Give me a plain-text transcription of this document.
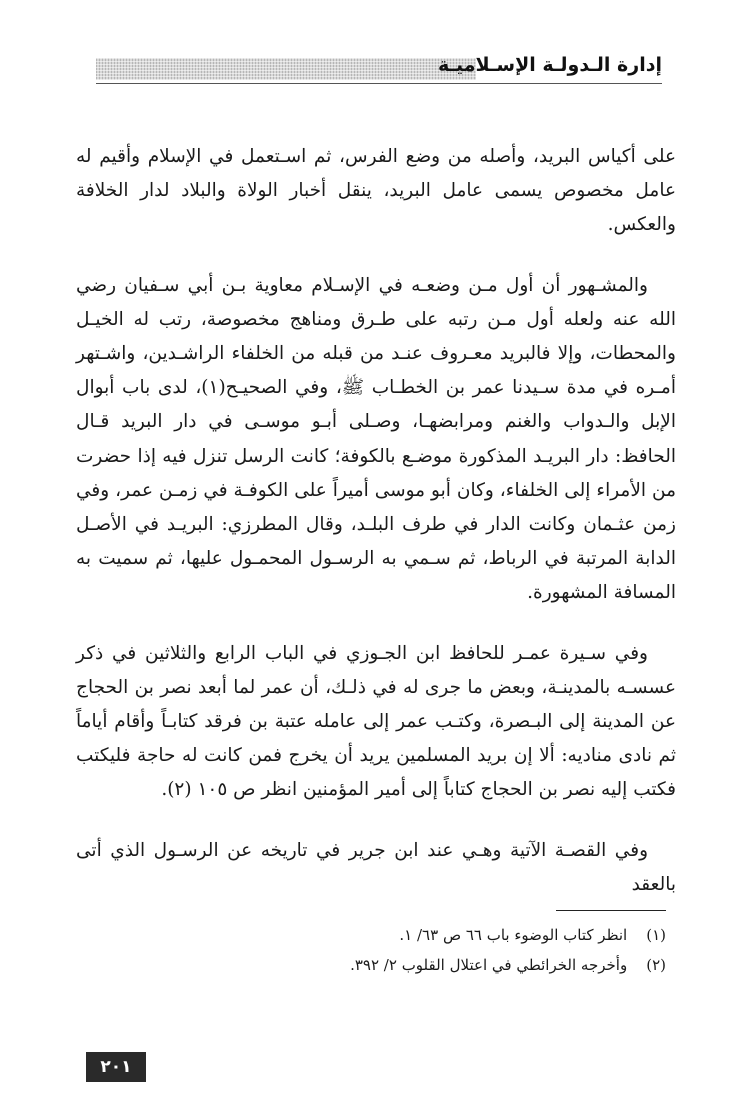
إدارة الـدولـة الإسـلاميـة

على أكياس البريد، وأصله من وضع الفرس، ثم اسـتعمل في الإسلام وأقيم له عامل مخصوص يسمى عامل البريد، ينقل أخبار الولاة والبلاد لدار الخلافة والعكس.

والمشـهور أن أول مـن وضعـه في الإسـلام معاوية بـن أبي سـفيان رضي الله عنه ولعله أول مـن رتبه على طـرق ومناهج مخصوصة، رتب له الخيـل والمحطات، وإلا فالبريد معـروف عنـد من قبله من الخلفاء الراشـدين، واشـتهر أمـره في مدة سـيدنا عمر بن الخطـاب ﷺ، وفي الصحيـح(١)، لدى باب أبوال الإبل والـدواب والغنم ومرابضهـا، وصـلى أبـو موسـى في دار البريد قـال الحافظ: دار البريـد المذكورة موضـع بالكوفة؛ كانت الرسل تنزل فيه إذا حضرت من الأمراء إلى الخلفاء، وكان أبو موسى أميراً على الكوفـة في زمـن عمر، وفي زمن عثـمان وكانت الدار في طرف البلـد، وقال المطرزي: البريـد في الأصـل الدابة المرتبة في الرباط، ثم سـمي به الرسـول المحمـول عليها، ثم سميت به المسافة المشهورة.

وفي سـيرة عمـر للحافظ ابن الجـوزي في الباب الرابع والثلاثين في ذكر عسسـه بالمدينـة، وبعض ما جرى له في ذلـك، أن عمر لما أبعد نصر بن الحجاج عن المدينة إلى البـصرة، وكتـب عمر إلى عامله عتبة بن فرقد كتابـاً وأقام أياماً ثم نادى مناديه: ألا إن بريد المسلمين يريد أن يخرج فمن كانت له حاجة فليكتب فكتب إليه نصر بن الحجاج كتاباً إلى أمير المؤمنين انظر ص ١٠٥ (٢).

وفي القصـة الآتية وهـي عند ابن جرير في تاريخه عن الرسـول الذي أتى بالعقد

(١) انظر كتاب الوضوء باب ٦٦ ص ٦٣/ ١.

(٢) وأخرجه الخرائطي في اعتلال القلوب ٢/ ٣٩٢.

٢٠١
